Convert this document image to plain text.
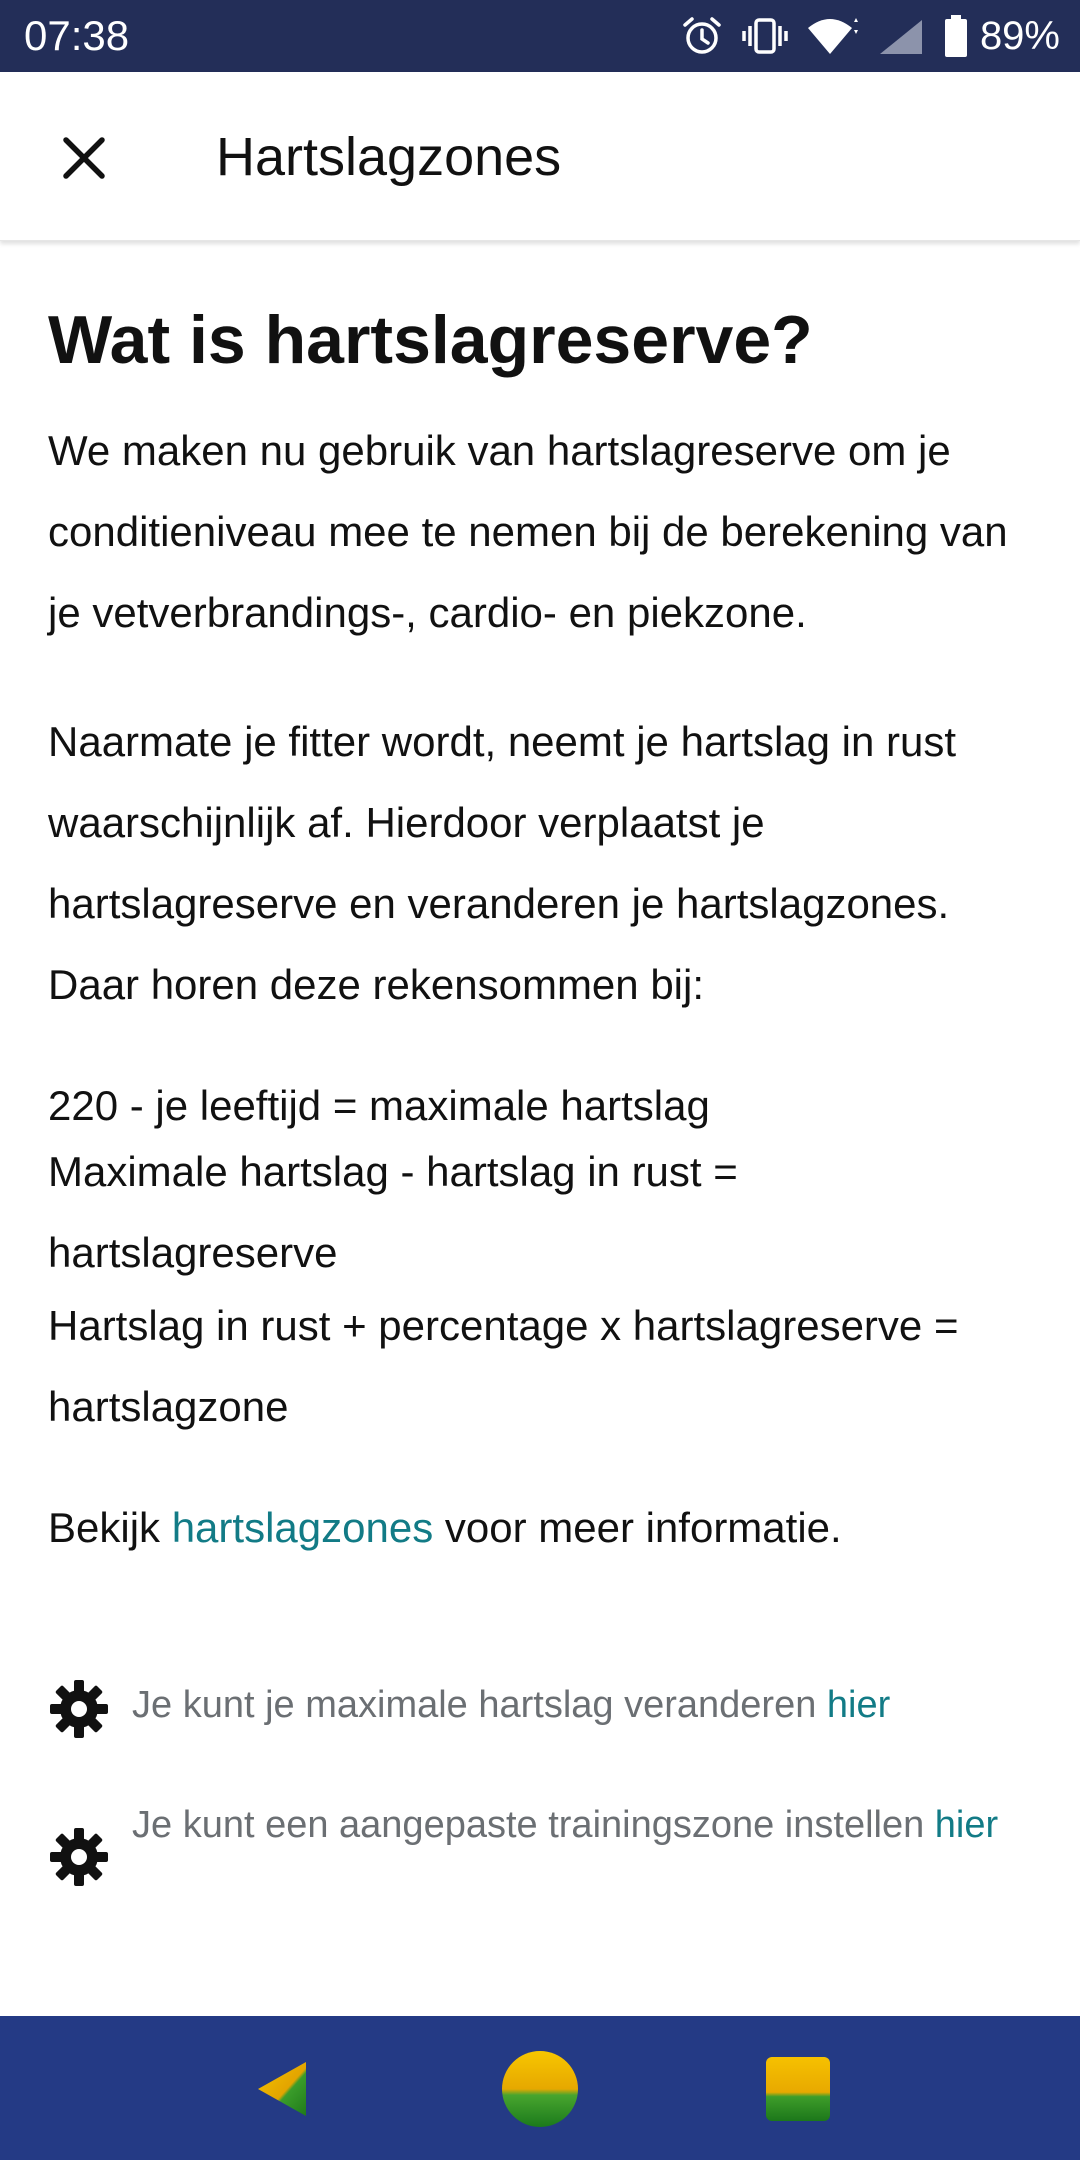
07:38	89%
Hartslagzones
Wat is hartslagreserve?

We maken nu gebruik van hartslagreserve om je conditieniveau mee te nemen bij de berekening van je vetverbrandings-, cardio- en piekzone.

Naarmate je fitter wordt, neemt je hartslag in rust waarschijnlijk af. Hierdoor verplaatst je hartslagreserve en veranderen je hartslagzones. Daar horen deze rekensommen bij:

220 - je leeftijd = maximale hartslag
Maximale hartslag - hartslag in rust = hartslagreserve
Hartslag in rust + percentage x hartslagreserve = hartslagzone

Bekijk hartslagzones voor meer informatie.

Je kunt je maximale hartslag veranderen hier
Je kunt een aangepaste trainingszone instellen hier
